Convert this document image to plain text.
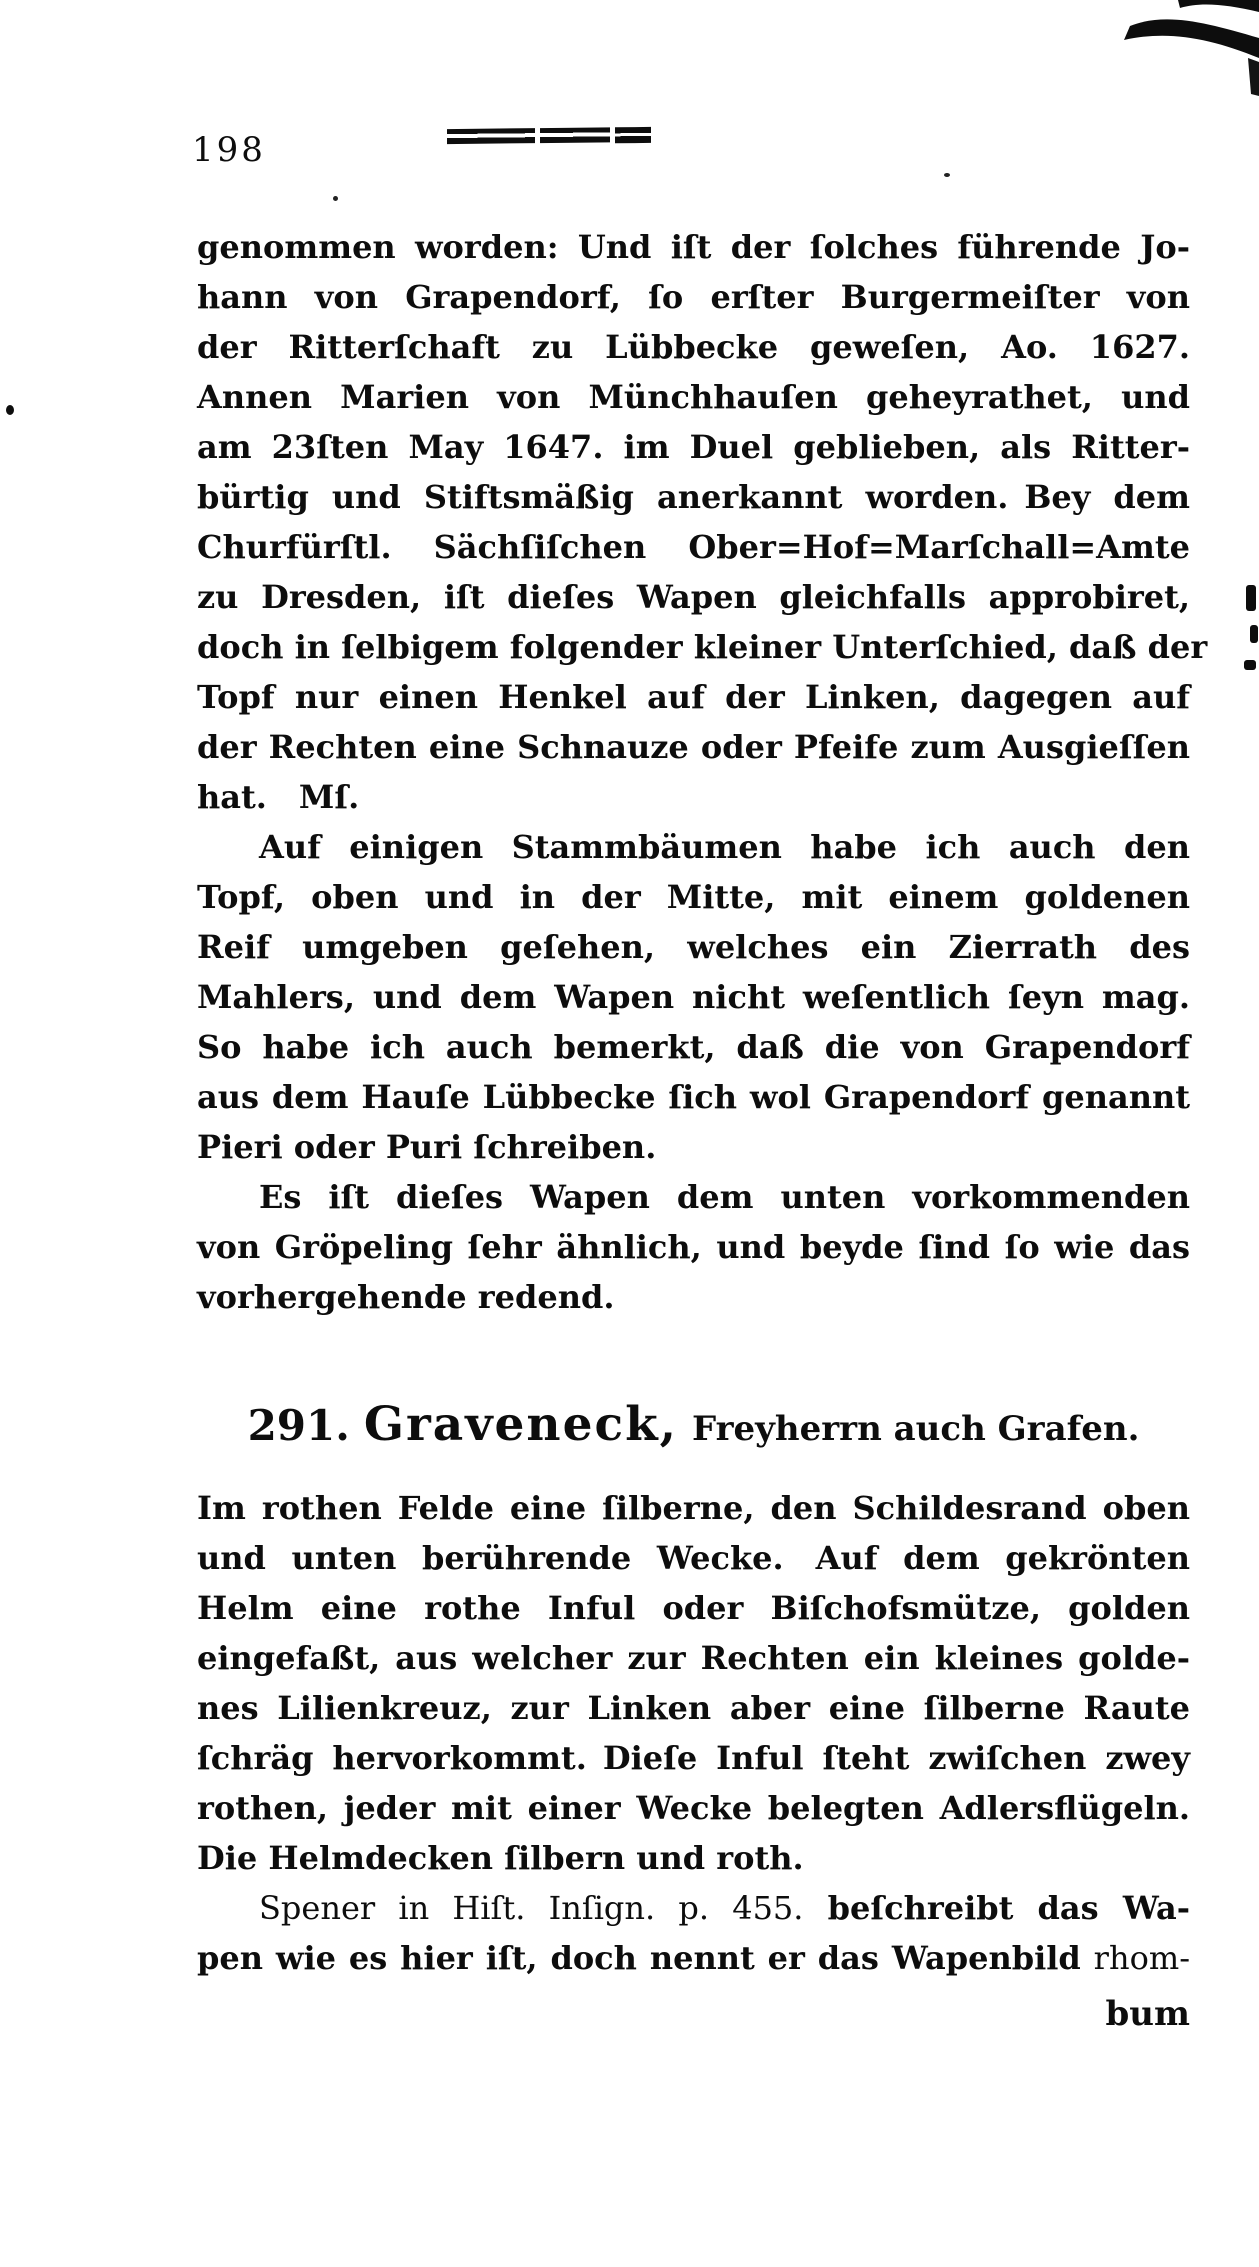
198
genommen worden: Und iſt der ſolches führende Jo-
hann von Grapendorf, ſo erſter Burgermeiſter von
der Ritterſchaft zu Lübbecke geweſen, Ao. 1627.
Annen Marien von Münchhauſen geheyrathet, und
am 23ſten May 1647. im Duel geblieben, als Ritter-
bürtig und Stiftsmäßig anerkannt worden. Bey dem
Churfürſtl. Sächſiſchen Ober=Hof=Marſchall=Amte
zu Dresden, iſt dieſes Wapen gleichfalls approbiret,
doch in ſelbigem folgender kleiner Unterſchied, daß der
Topf nur einen Henkel auf der Linken, dagegen auf
der Rechten eine Schnauze oder Pfeife zum Ausgieſſen
hat. Mſ.
Auf einigen Stammbäumen habe ich auch den
Topf, oben und in der Mitte, mit einem goldenen
Reif umgeben geſehen, welches ein Zierrath des
Mahlers, und dem Wapen nicht weſentlich ſeyn mag.
So habe ich auch bemerkt, daß die von Grapendorf
aus dem Hauſe Lübbecke ſich wol Grapendorf genannt
Pieri oder Puri ſchreiben.
Es iſt dieſes Wapen dem unten vorkommenden
von Gröpeling ſehr ähnlich, und beyde ſind ſo wie das
vorhergehende redend.
291. Graveneck, Freyherrn auch Grafen.
Im rothen Felde eine ſilberne, den Schildesrand oben
und unten berührende Wecke. Auf dem gekrönten
Helm eine rothe Inful oder Biſchofsmütze, golden
eingefaßt, aus welcher zur Rechten ein kleines golde-
nes Lilienkreuz, zur Linken aber eine ſilberne Raute
ſchräg hervorkommt. Dieſe Inful ſteht zwiſchen zwey
rothen, jeder mit einer Wecke belegten Adlersflügeln.
Die Helmdecken ſilbern und roth.
Spener in Hiſt. Inſign. p. 455. beſchreibt das Wa-
pen wie es hier iſt, doch nennt er das Wapenbild rhom-
bum
